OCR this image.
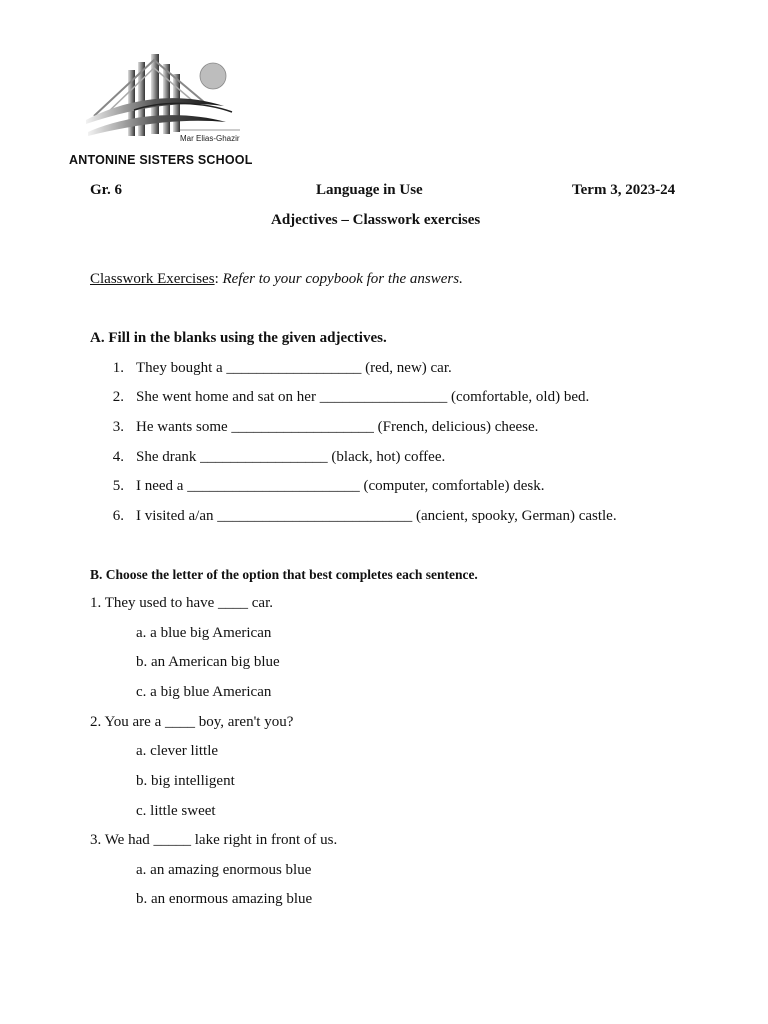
Mar Elias-Ghazir
ANTONINE SISTERS SCHOOL
Gr. 6	Language in Use	Term 3, 2023-24
Adjectives – Classwork exercises
Classwork Exercises: Refer to your copybook for the answers.
A. Fill in the blanks using the given adjectives.
1. They bought a __________________ (red, new) car.
2. She went home and sat on her _________________ (comfortable, old) bed.
3. He wants some ___________________ (French, delicious) cheese.
4. She drank _________________ (black, hot) coffee.
5. I need a _______________________ (computer, comfortable) desk.
6. I visited a/an __________________________ (ancient, spooky, German) castle.
B. Choose the letter of the option that best completes each sentence.
1. They used to have ____ car.
a. a blue big American
b. an American big blue
c. a big blue American
2. You are a ____ boy, aren't you?
a. clever little
b. big intelligent
c. little sweet
3. We had _____ lake right in front of us.
a. an amazing enormous blue
b. an enormous amazing blue
